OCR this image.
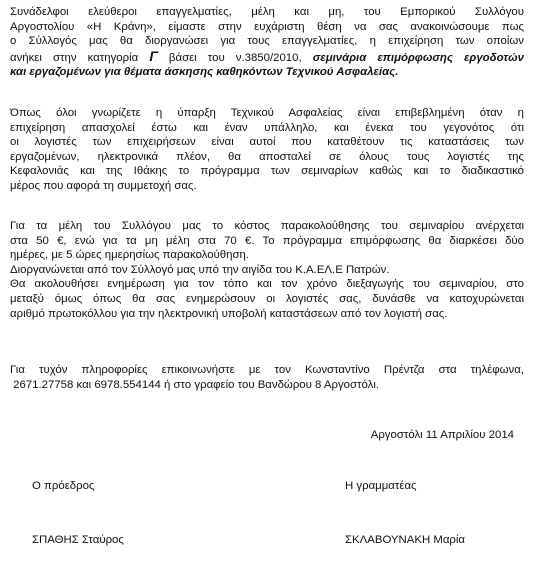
Συνάδελφοι ελεύθεροι επαγγελματίες, μέλη και μη, του Εμπορικού Συλλόγου
Αργοστολίου «Η Κράνη», είμαστε στην ευχάριστη θέση να σας ανακοινώσουμε πως
ο Σύλλογός μας θα διοργανώσει για τους επαγγελματίες, η επιχείρηση των οποίων
ανήκει στην κατηγορία Γ βάσει του ν.3850/2010, σεμινάρια επιμόρφωσης εργοδοτών
και εργαζομένων για θέματα άσκησης καθηκόντων Τεχνικού Ασφαλείας.
Όπως όλοι γνωρίζετε η ύπαρξη Τεχνικού Ασφαλείας είναι επιβεβλημένη όταν η
επιχείρηση απασχολεί έστω και έναν υπάλληλο, και ένεκα του γεγονότος ότι
οι λογιστές των επιχειρήσεων είναι αυτοί που καταθέτουν τις καταστάσεις των
εργαζομένων, ηλεκτρονικά πλέον, θα αποσταλεί σε όλους τους λογιστές της
Κεφαλονιάς και της Ιθάκης το πρόγραμμα των σεμιναρίων καθώς και το διαδικαστικό
μέρος που αφορά τη συμμετοχή σας.
Για τα μέλη του Συλλόγου μας το κόστος παρακολούθησης του σεμιναρίου ανέρχεται
στα 50 €, ενώ για τα μη μέλη στα 70 €. Το πρόγραμμα επιμόρφωσης θα διαρκέσει δύο
ημέρες, με 5 ώρες ημερησίως παρακολούθηση.
Διοργανώνεται από τον Σύλλογό μας υπό την αιγίδα του Κ.Α.ΕΛ.Ε Πατρών.
Θα ακολουθήσει ενημέρωση για τον τόπο και τον χρόνο διεξαγωγής του σεμιναρίου, στο
μεταξύ όμως όπως θα σας ενημερώσουν οι λογιστές σας, δυνάσθε να κατοχυρώνεται
αριθμό πρωτοκόλλου για την ηλεκτρονική υποβολή καταστάσεων από τον λογιστή σας.
Για τυχόν πληροφορίες επικοινωνήστε με τον Κωνσταντίνο Πρέντζα στα τηλέφωνα,
2671.27758 και 6978.554144 ή στο γραφείο του Βανδώρου 8 Αργοστόλι.
Αργοστόλι 11 Απριλίου 2014
Ο πρόεδρος	Η γραμματέας
ΣΠΑΘΗΣ Σταύρος	ΣΚΛΑΒΟΥΝΑΚΗ Μαρία
